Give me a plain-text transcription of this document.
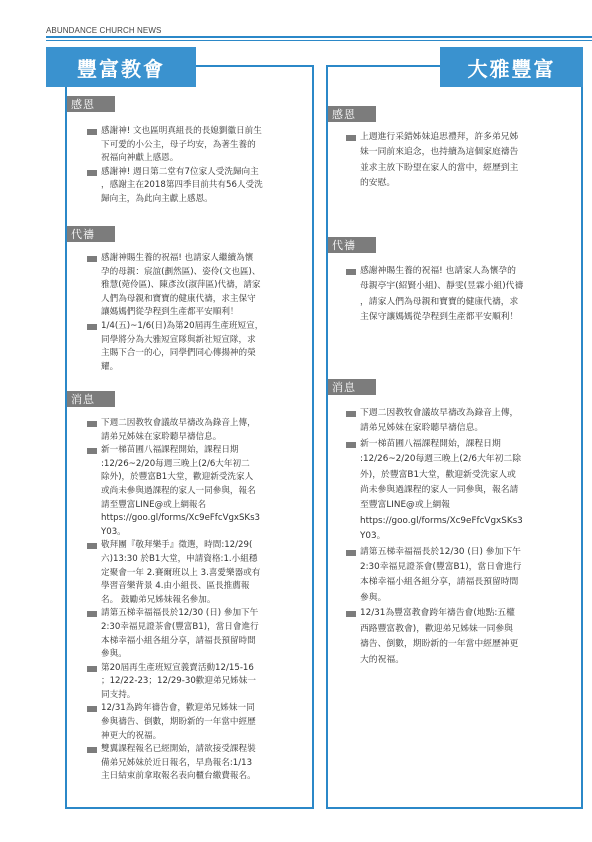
ABUNDANCE CHURCH NEWS
豐富教會
感恩
感謝神! 文也區明真組長的長媳劉徽日前生
下可愛的小公主，母子均安，為著生養的
祝福向神獻上感恩。
感謝神! 週日第二堂有7位家人受洗歸向主
，感謝主在2018第四季目前共有56人受洗
歸向主，為此向主獻上感恩。
代禱
感謝神賜生養的祝福! 也請家人繼續為懷
孕的母親：宸誼(劃然區)、姿伶(文也區)、
雅慧(菀伶區)、陳彥汝(淑萍區)代禱，請家
人們為母親和寶寶的健康代禱，求主保守
讓媽媽們從孕程到生產都平安順利！
1/4(五)~1/6(日)為第20屆再生產班短宣，
同學將分為大雅短宣隊與新社短宣隊，求
主賜下合一的心，同學們同心傳揚神的榮
耀。
消息
下週二因教牧會議故早禱改為錄音上傳，
請弟兄姊妹在家聆聽早禱信息。
新一梯苗圃八福課程開始，課程日期
:12/26~2/20每週三晚上(2/6大年初二
除外)，於豐富B1大堂，歡迎新受洗家人
或尚未參與過課程的家人一同參與，報名
請至豐富LINE@或上網報名
https://goo.gl/forms/Xc9eFfcVgxSKs3
Y03。
敬拜團『敬拜樂手』徵選，時間:12/29(
六)13:30 於B1大堂，申請資格:1.小組穩
定聚會一年 2.賽爾班以上 3.喜愛樂器或有
學習音樂背景 4.由小組長、區長推薦報
名。 鼓勵弟兄姊妹報名參加。
請第五梯幸福福長於12/30 (日) 參加下午
2:30幸福見證茶會(豐富B1)，當日會進行
本梯幸福小組各組分享，請福長預留時間
參與。
第20屆再生產班短宣義賣活動12/15-16
；12/22-23；12/29-30歡迎弟兄姊妹一
同支持。
12/31為跨年禱告會，歡迎弟兄姊妹一同
參與禱告、倒數，期盼新的一年當中經歷
神更大的祝福。
雙翼課程報名已經開始，請欲接受課程裝
備弟兄姊妹於近日報名，早鳥報名:1/13
主日結束前拿取報名表向櫃台繳費報名。
大雅豐富
感恩
上週進行采錯姊妹追思禮拜，許多弟兄姊
妹一同前來追念，也持續為這個家庭禱告
並求主放下盼望在家人的當中，經歷到主
的安慰。
代禱
感謝神賜生養的祝福! 也請家人為懷孕的
母親亭宇(紹賢小組)、靜雯(昱霖小組)代禱
，請家人們為母親和寶寶的健康代禱，求
主保守讓媽媽從孕程到生產都平安順利！
消息
下週二因教牧會議故早禱改為錄音上傳，
請弟兄姊妹在家聆聽早禱信息。
新一梯苗圃八福課程開始，課程日期
:12/26~2/20每週三晚上(2/6大年初二除
外)，於豐富B1大堂，歡迎新受洗家人或
尚未參與過課程的家人一同參與，報名請
至豐富LINE@或上網報
https://goo.gl/forms/Xc9eFfcVgxSKs3
Y03。
請第五梯幸福福長於12/30 (日) 參加下午
2:30幸福見證茶會(豐富B1)，當日會進行
本梯幸福小組各組分享，請福長預留時間
參與。
12/31為豐富教會跨年禱告會(地點:五權
西路豐富教會)，歡迎弟兄姊妹一同參與
禱告、倒數，期盼新的一年當中經歷神更
大的祝福。
